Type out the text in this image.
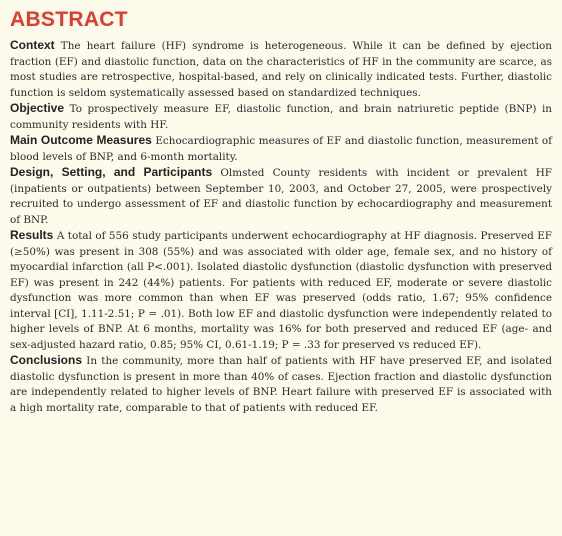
ABSTRACT

Context The heart failure (HF) syndrome is heterogeneous. While it can be defined by ejection fraction (EF) and diastolic function, data on the characteristics of HF in the community are scarce, as most studies are retrospective, hospital-based, and rely on clinically indicated tests. Further, diastolic function is seldom systematically assessed based on standardized techniques.

Objective To prospectively measure EF, diastolic function, and brain natriuretic peptide (BNP) in community residents with HF.

Main Outcome Measures Echocardiographic measures of EF and diastolic function, measurement of blood levels of BNP, and 6-month mortality.

Design, Setting, and Participants Olmsted County residents with incident or prevalent HF (inpatients or outpatients) between September 10, 2003, and October 27, 2005, were prospectively recruited to undergo assessment of EF and diastolic function by echocardiography and measurement of BNP.

Results A total of 556 study participants underwent echocardiography at HF diagnosis. Preserved EF (≥50%) was present in 308 (55%) and was associated with older age, female sex, and no history of myocardial infarction (all P<.001). Isolated diastolic dysfunction (diastolic dysfunction with preserved EF) was present in 242 (44%) patients. For patients with reduced EF, moderate or severe diastolic dysfunction was more common than when EF was preserved (odds ratio, 1.67; 95% confidence interval [CI], 1.11-2.51; P = .01). Both low EF and diastolic dysfunction were independently related to higher levels of BNP. At 6 months, mortality was 16% for both preserved and reduced EF (age- and sex-adjusted hazard ratio, 0.85; 95% CI, 0.61-1.19; P = .33 for preserved vs reduced EF).

Conclusions In the community, more than half of patients with HF have preserved EF, and isolated diastolic dysfunction is present in more than 40% of cases. Ejection fraction and diastolic dysfunction are independently related to higher levels of BNP. Heart failure with preserved EF is associated with a high mortality rate, comparable to that of patients with reduced EF.
